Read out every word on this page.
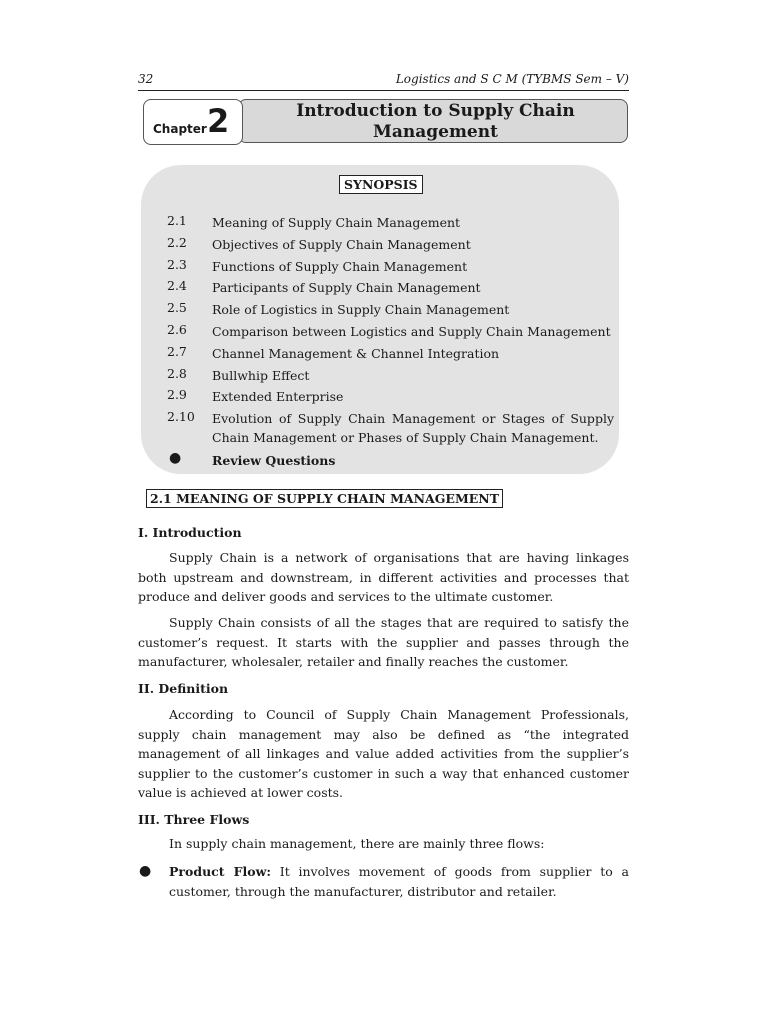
32	Logistics and S C M (TYBMS Sem – V)
Introduction to Supply Chain
Management
Chapter 2
SYNOPSIS
2.1 Meaning of Supply Chain Management
2.2 Objectives of Supply Chain Management
2.3 Functions of Supply Chain Management
2.4 Participants of Supply Chain Management
2.5 Role of Logistics in Supply Chain Management
2.6 Comparison between Logistics and Supply Chain Management
2.7 Channel Management & Channel Integration
2.8 Bullwhip Effect
2.9 Extended Enterprise
2.10 Evolution of Supply Chain Management or Stages of Supply Chain Management or Phases of Supply Chain Management.
● Review Questions
2.1 MEANING OF SUPPLY CHAIN MANAGEMENT
I. Introduction
Supply Chain is a network of organisations that are having linkages both upstream and downstream, in different activities and processes that produce and deliver goods and services to the ultimate customer.
Supply Chain consists of all the stages that are required to satisfy the customer’s request. It starts with the supplier and passes through the manufacturer, wholesaler, retailer and finally reaches the customer.
II. Definition
According to Council of Supply Chain Management Professionals, supply chain management may also be defined as “the integrated management of all linkages and value added activities from the supplier’s supplier to the customer’s customer in such a way that enhanced customer value is achieved at lower costs.
III. Three Flows
In supply chain management, there are mainly three flows:
● Product Flow: It involves movement of goods from supplier to a customer, through the manufacturer, distributor and retailer.
